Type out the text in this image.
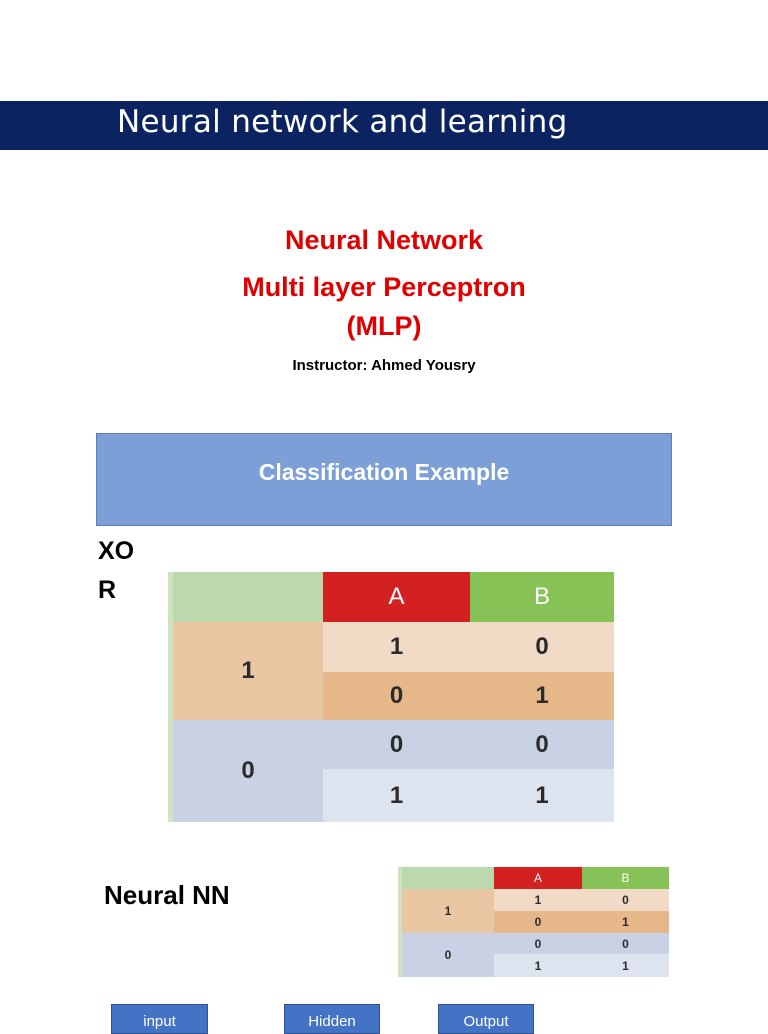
Neural network and learning
Neural Network
Multi layer Perceptron
(MLP)
Instructor: Ahmed Yousry
Classification Example
XOR	A	B
1
1	0
0	1
0
0	0
1	1
Neural NN
A	B
1
1	0
0	1
0
0	0
1	1
input	Hidden	Output
